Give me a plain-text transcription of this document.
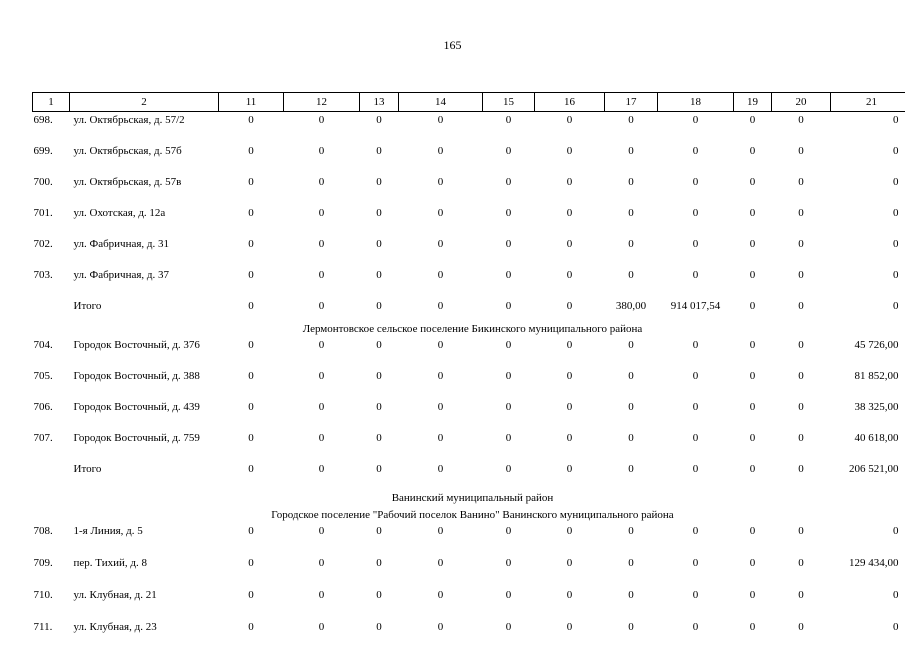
165
1	2	11	12	13	14	15	16	17	18	19	20	21
698.	ул. Октябрьская, д. 57/2	0	0	0	0	0	0	0	0	0	0	0
699.	ул. Октябрьская, д. 57б	0	0	0	0	0	0	0	0	0	0	0
700.	ул. Октябрьская, д. 57в	0	0	0	0	0	0	0	0	0	0	0
701.	ул. Охотская, д. 12а	0	0	0	0	0	0	0	0	0	0	0
702.	ул. Фабричная, д. 31	0	0	0	0	0	0	0	0	0	0	0
703.	ул. Фабричная, д. 37	0	0	0	0	0	0	0	0	0	0	0
	Итого	0	0	0	0	0	0	380,00	914 017,54	0	0	0
Лермонтовское сельское поселение Бикинского муниципального района												
704.	Городок Восточный, д. 376	0	0	0	0	0	0	0	0	0	0	45 726,00
705.	Городок Восточный, д. 388	0	0	0	0	0	0	0	0	0	0	81 852,00
706.	Городок Восточный, д. 439	0	0	0	0	0	0	0	0	0	0	38 325,00
707.	Городок Восточный, д. 759	0	0	0	0	0	0	0	0	0	0	40 618,00
	Итого	0	0	0	0	0	0	0	0	0	0	206 521,00

Ванинский муниципальный район												
Городское поселение "Рабочий поселок Ванино" Ванинского муниципального района												
708.	1-я Линия, д. 5	0	0	0	0	0	0	0	0	0	0	0
709.	пер. Тихий, д. 8	0	0	0	0	0	0	0	0	0	0	129 434,00
710.	ул. Клубная, д. 21	0	0	0	0	0	0	0	0	0	0	0
711.	ул. Клубная, д. 23	0	0	0	0	0	0	0	0	0	0	0
